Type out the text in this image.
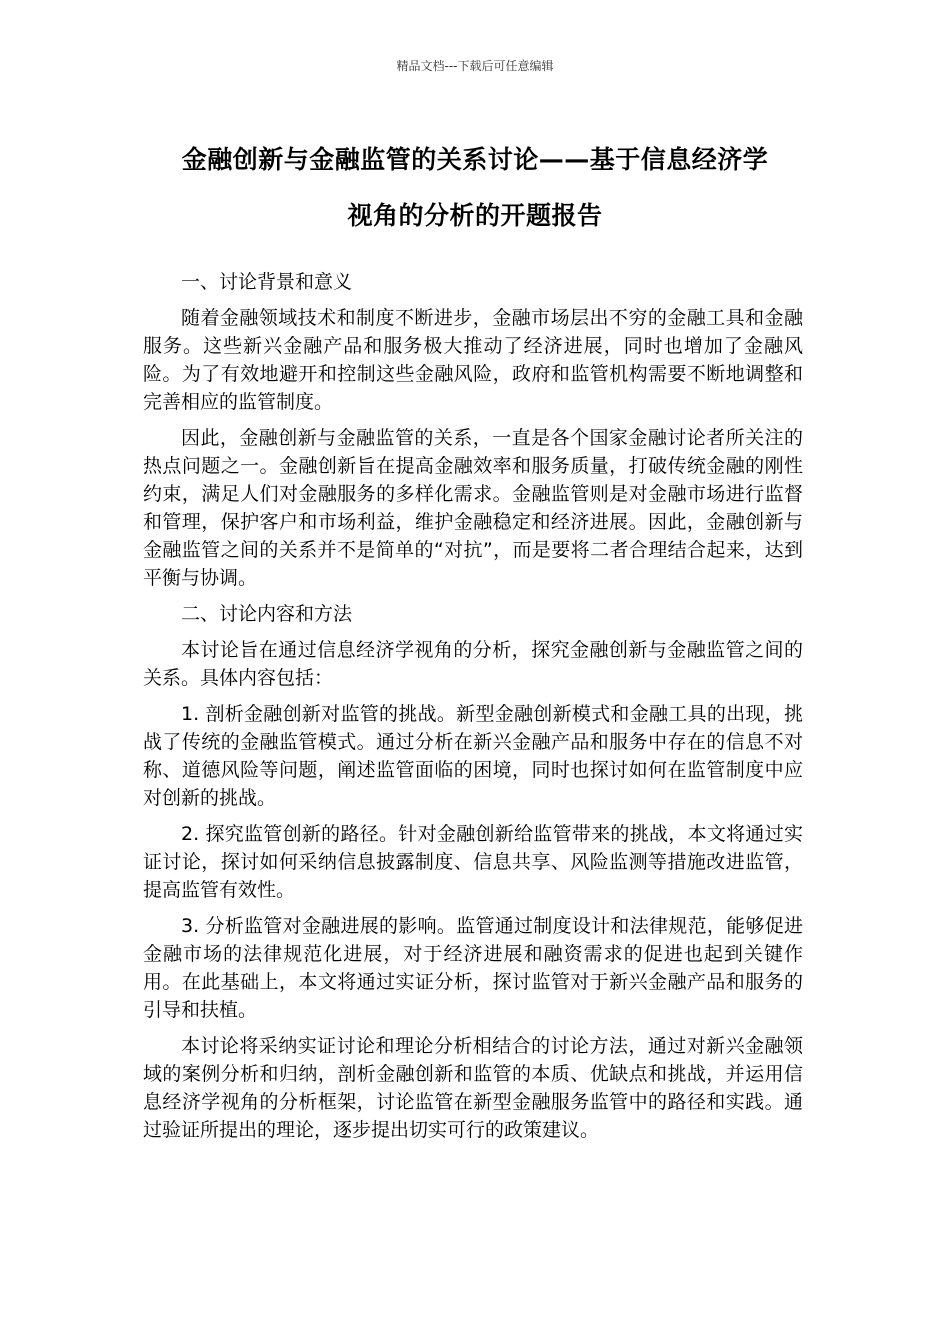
精品文档---下载后可任意编辑
金融创新与金融监管的关系讨论——基于信息经济学
视角的分析的开题报告

一、讨论背景和意义

随着金融领域技术和制度不断进步，金融市场层出不穷的金融工具和金融服务。这些新兴金融产品和服务极大推动了经济进展，同时也增加了金融风险。为了有效地避开和控制这些金融风险，政府和监管机构需要不断地调整和完善相应的监管制度。

因此，金融创新与金融监管的关系，一直是各个国家金融讨论者所关注的热点问题之一。金融创新旨在提高金融效率和服务质量，打破传统金融的刚性约束，满足人们对金融服务的多样化需求。金融监管则是对金融市场进行监督和管理，保护客户和市场利益，维护金融稳定和经济进展。因此，金融创新与金融监管之间的关系并不是简单的“对抗”，而是要将二者合理结合起来，达到平衡与协调。

二、讨论内容和方法

本讨论旨在通过信息经济学视角的分析，探究金融创新与金融监管之间的关系。具体内容包括：

1. 剖析金融创新对监管的挑战。新型金融创新模式和金融工具的出现，挑战了传统的金融监管模式。通过分析在新兴金融产品和服务中存在的信息不对称、道德风险等问题，阐述监管面临的困境，同时也探讨如何在监管制度中应对创新的挑战。

2. 探究监管创新的路径。针对金融创新给监管带来的挑战，本文将通过实证讨论，探讨如何采纳信息披露制度、信息共享、风险监测等措施改进监管，提高监管有效性。

3. 分析监管对金融进展的影响。监管通过制度设计和法律规范，能够促进金融市场的法律规范化进展，对于经济进展和融资需求的促进也起到关键作用。在此基础上，本文将通过实证分析，探讨监管对于新兴金融产品和服务的引导和扶植。

本讨论将采纳实证讨论和理论分析相结合的讨论方法，通过对新兴金融领域的案例分析和归纳，剖析金融创新和监管的本质、优缺点和挑战，并运用信息经济学视角的分析框架，讨论监管在新型金融服务监管中的路径和实践。通过验证所提出的理论，逐步提出切实可行的政策建议。
